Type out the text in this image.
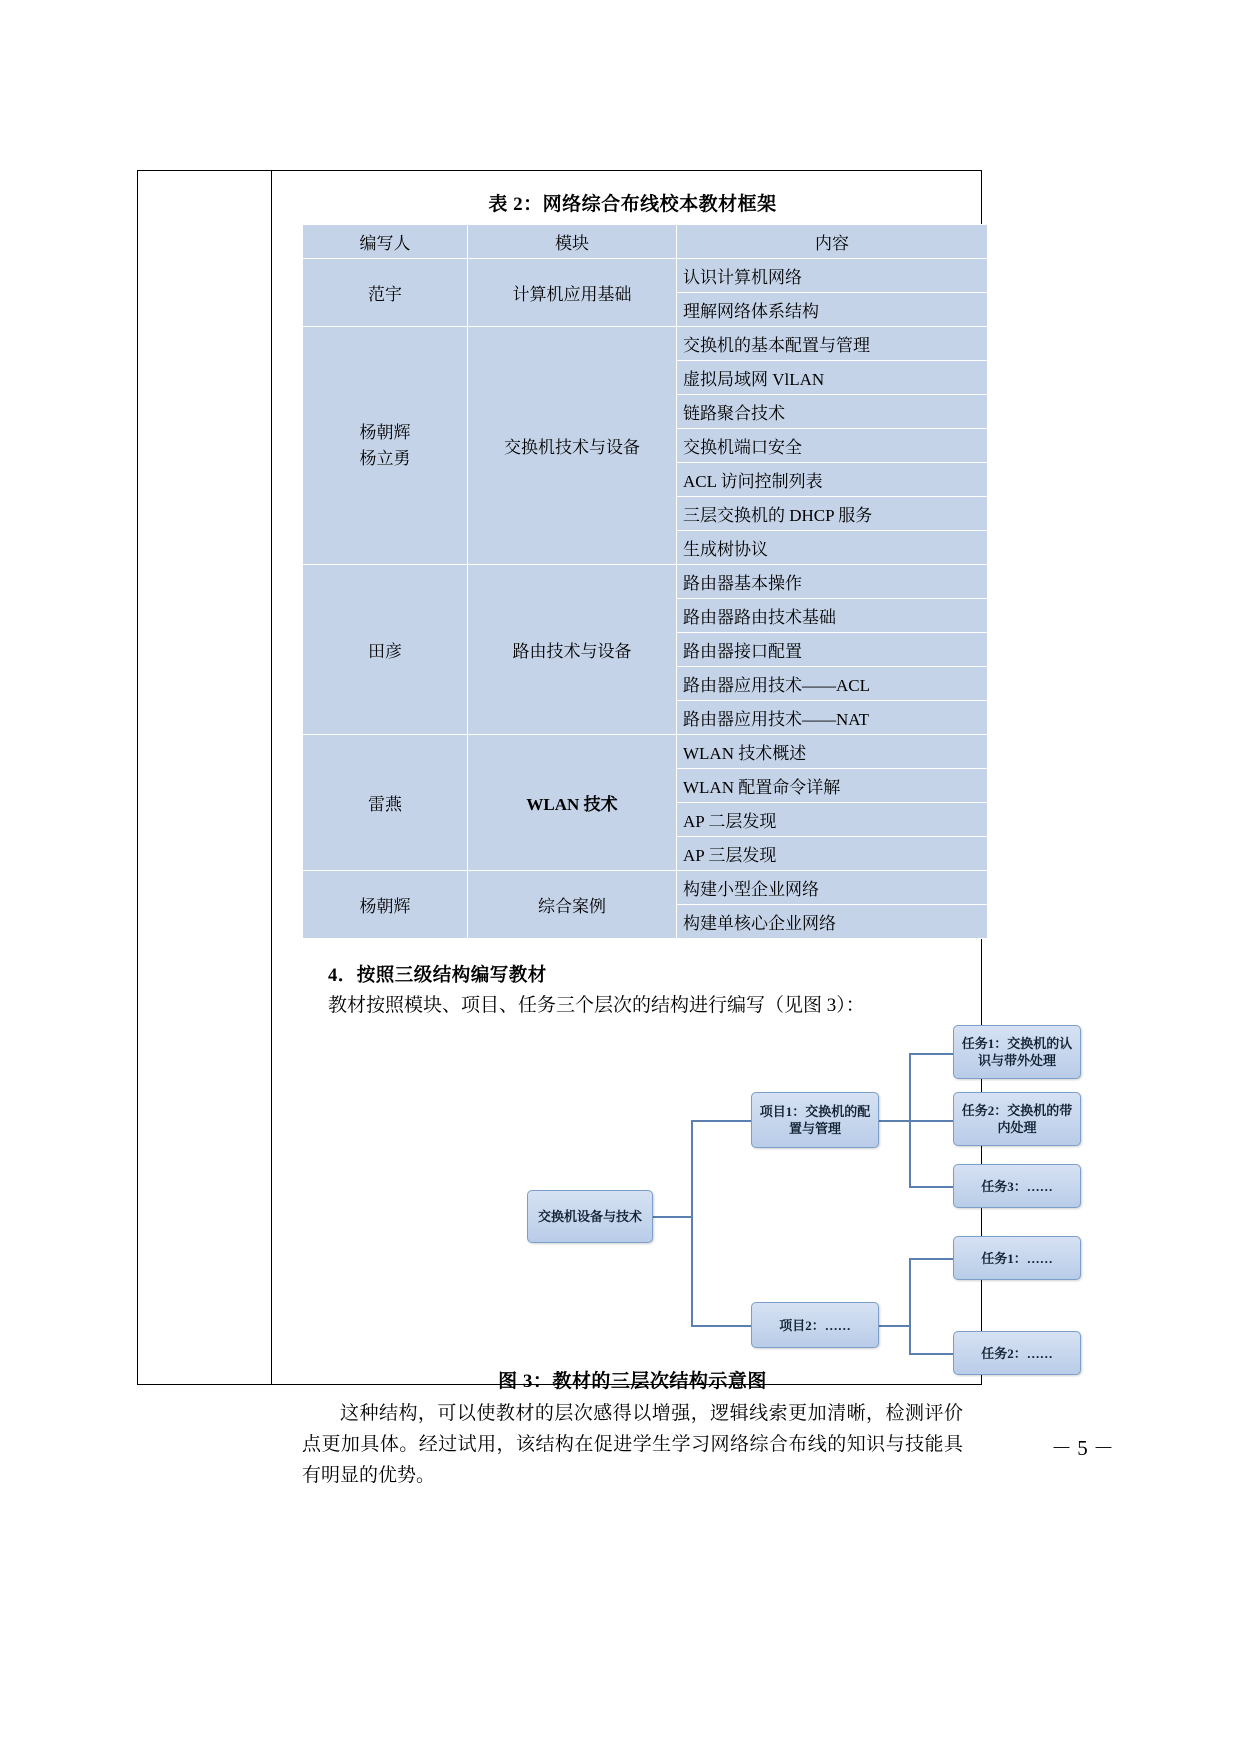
表 2：网络综合布线校本教材框架
编写人	模块	内容
范宇	计算机应用基础	认识计算机网络
		理解网络体系结构
杨朝辉
杨立勇	交换机技术与设备	交换机的基本配置与管理
		虚拟局域网 VlLAN
		链路聚合技术
		交换机端口安全
		ACL 访问控制列表
		三层交换机的 DHCP 服务
		生成树协议
田彦	路由技术与设备	路由器基本操作
		路由器路由技术基础
		路由器接口配置
		路由器应用技术——ACL
		路由器应用技术——NAT
雷燕	WLAN 技术	WLAN 技术概述
		WLAN 配置命令详解
		AP 二层发现
		AP 三层发现
杨朝辉	综合案例	构建小型企业网络
		构建单核心企业网络
4．按照三级结构编写教材
教材按照模块、项目、任务三个层次的结构进行编写（见图 3）：
交换机设备与技术
项目1：交换机的配置与管理
项目2：……
任务1：交换机的认识与带外处理
任务2：交换机的带内处理
任务3：……
任务1：……
任务2：……
图 3：教材的三层次结构示意图
这种结构，可以使教材的层次感得以增强，逻辑线索更加清晰，检测评价点更加具体。经过试用，该结构在促进学生学习网络综合布线的知识与技能具有明显的优势。
－ 5 －
